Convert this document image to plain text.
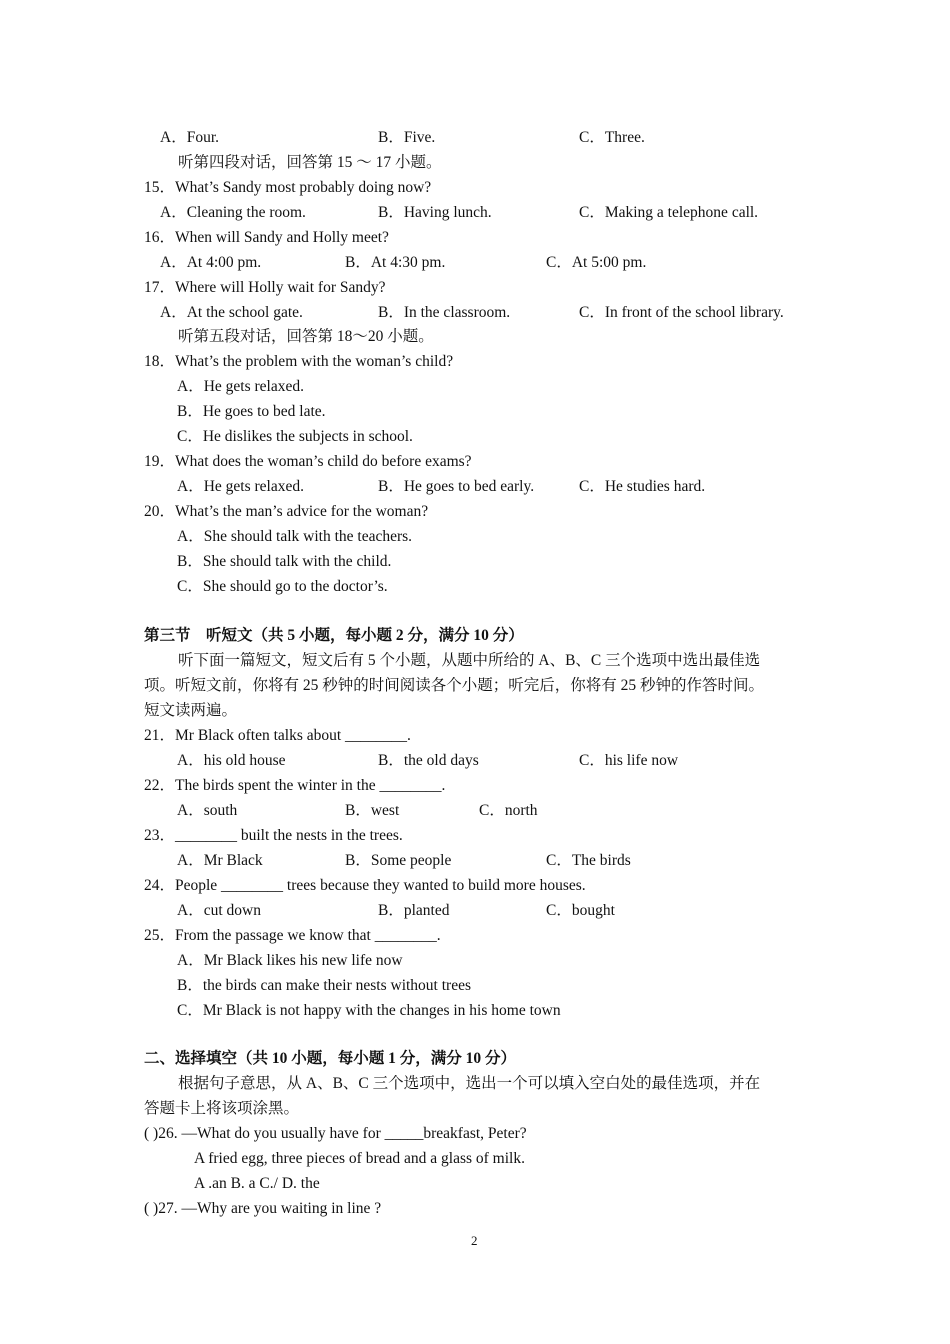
A．Four.	B．Five.	C．Three.
听第四段对话，回答第 15 ～ 17 小题。
15．What’s Sandy most probably doing now?
A．Cleaning the room.	B．Having lunch.	C．Making a telephone call.
16．When will Sandy and Holly meet?
A．At 4:00 pm.	B．At 4:30 pm.	C．At 5:00 pm.
17．Where will Holly wait for Sandy?
A．At the school gate.	B．In the classroom.	C．In front of the school library.
听第五段对话，回答第 18～20 小题。
18．What’s the problem with the woman’s child?
A．He gets relaxed.
B．He goes to bed late.
C．He dislikes the subjects in school.
19．What does the woman’s child do before exams?
A．He gets relaxed.	B．He goes to bed early.	C．He studies hard.
20．What’s the man’s advice for the woman?
A．She should talk with the teachers.
B．She should talk with the child.
C．She should go to the doctor’s.
第三节　听短文（共 5 小题，每小题 2 分，满分 10 分）
听下面一篇短文，短文后有 5 个小题，从题中所给的 A、B、C 三个选项中选出最佳选
项。听短文前，你将有 25 秒钟的时间阅读各个小题；听完后，你将有 25 秒钟的作答时间。
短文读两遍。
21．Mr Black often talks about ________.
A．his old house	B．the old days	C．his life now
22．The birds spent the winter in the ________.
A．south	B．west	C．north
23．________ built the nests in the trees.
A．Mr Black	B．Some people	C．The birds
24．People ________ trees because they wanted to build more houses.
A．cut down	B．planted	C．bought
25．From the passage we know that ________.
A．Mr Black likes his new life now
B．the birds can make their nests without trees
C．Mr Black is not happy with the changes in his home town
二、选择填空（共 10 小题，每小题 1 分，满分 10 分）
根据句子意思，从 A、B、C 三个选项中，选出一个可以填入空白处的最佳选项，并在
答题卡上将该项涂黑。
( )26. —What do you usually have for _____breakfast, Peter?
A fried egg, three pieces of bread and a glass of milk.
A .an B. a C./ D. the
( )27. —Why are you waiting in line ?
2
